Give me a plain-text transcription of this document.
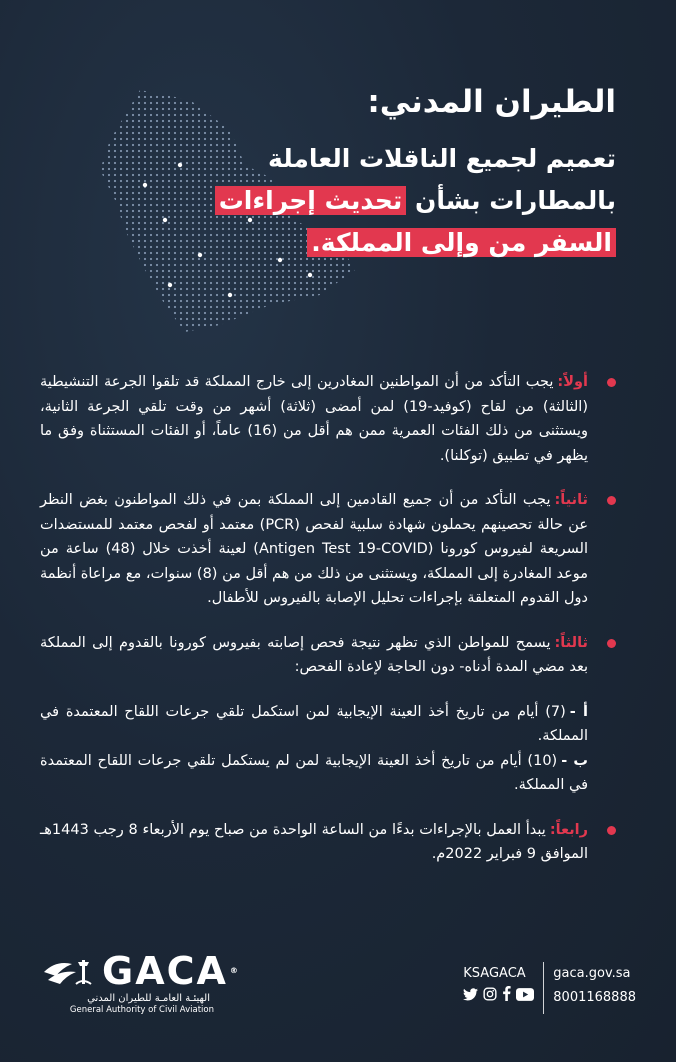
الطيران المدني:
تعميم لجميع الناقلات العاملة
بالمطارات بشأن تحديث إجراءات
السفر من وإلى المملكة.
أولاً:يجب التأكد من أن المواطنين المغادرين إلى خارج المملكة قد تلقوا الجرعة التنشيطية (الثالثة) من لقاح (كوفيد-19) لمن أمضى (ثلاثة) أشهر من وقت تلقي الجرعة الثانية، ويستثنى من ذلك الفئات العمرية ممن هم أقل من (16) عاماً، أو الفئات المستثناة وفق ما يظهر في تطبيق (توكلنا).
ثانياً:يجب التأكد من أن جميع القادمين إلى المملكة بمن في ذلك المواطنون بغض النظر عن حالة تحصينهم يحملون شهادة سلبية لفحص (PCR) معتمد أو لفحص معتمد للمستضدات السريعة لفيروس كورونا (Antigen Test 19-COVID) لعينة أخذت خلال (48) ساعة من موعد المغادرة إلى المملكة، ويستثنى من ذلك من هم أقل من (8) سنوات، مع مراعاة أنظمة دول القدوم المتعلقة بإجراءات تحليل الإصابة بالفيروس للأطفال.
ثالثاً:يسمح للمواطن الذي تظهر نتيجة فحص إصابته بفيروس كورونا بالقدوم إلى المملكة بعد مضي المدة أدناه- دون الحاجة لإعادة الفحص:

أ -(7) أيام من تاريخ أخذ العينة الإيجابية لمن استكمل تلقي جرعات اللقاح المعتمدة في المملكة.

ب -(10) أيام من تاريخ أخذ العينة الإيجابية لمن لم يستكمل تلقي جرعات اللقاح المعتمدة في المملكة.

رابعاً:يبدأ العمل بالإجراءات بدءًا من الساعة الواحدة من صباح يوم الأربعاء 8 رجب 1443هـ الموافق 9 فبراير 2022م.
GACA ®
الهيئـة العامـة للطيران المدني
General Authority of Civil Aviation
KSAGACA	gaca.gov.sa
8001168888
